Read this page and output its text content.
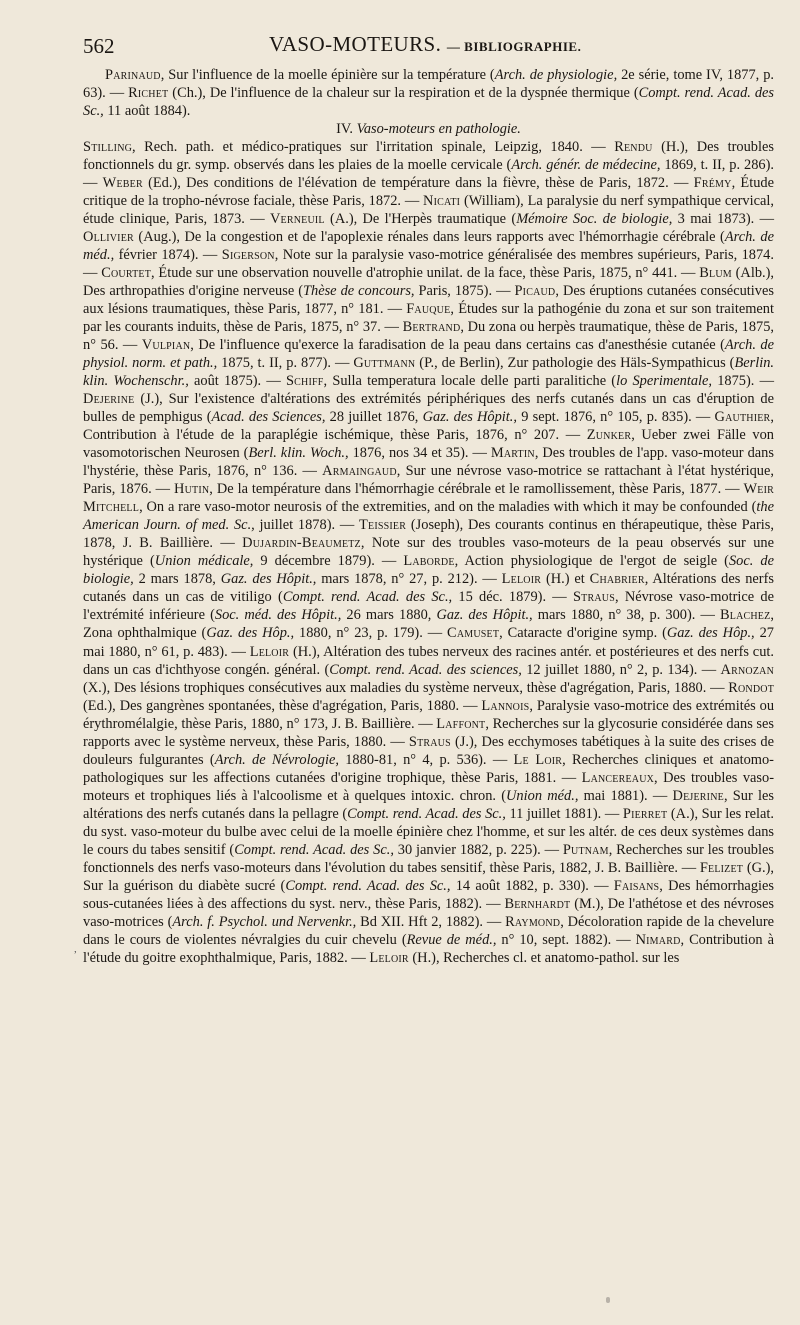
562	VASO-MOTEURS. — BIBLIOGRAPHIE.

Parinaud, Sur l'influence de la moelle épinière sur la température (Arch. de physiologie, 2e série, tome IV, 1877, p. 63). — Richet (Ch.), De l'influence de la chaleur sur la respiration et de la dyspnée thermique (Compt. rend. Acad. des Sc., 11 août 1884).

IV. Vaso-moteurs en pathologie.

Stilling, Rech. path. et médico-pratiques sur l'irritation spinale, Leipzig, 1840. — Rendu (H.), Des troubles fonctionnels du gr. symp. observés dans les plaies de la moelle cervicale (Arch. génér. de médecine, 1869, t. II, p. 286). — Weber (Ed.), Des conditions de l'élévation de température dans la fièvre, thèse de Paris, 1872. — Frémy, Étude critique de la tropho-névrose faciale, thèse Paris, 1872. — Nicati (William), La paralysie du nerf sympathique cervical, étude clinique, Paris, 1873. — Verneuil (A.), De l'Herpès traumatique (Mémoire Soc. de biologie, 3 mai 1873). — Ollivier (Aug.), De la congestion et de l'apoplexie rénales dans leurs rapports avec l'hémorrhagie cérébrale (Arch. de méd., février 1874). — Sigerson, Note sur la paralysie vaso-motrice généralisée des membres supérieurs, Paris, 1874. — Courtet, Étude sur une observation nouvelle d'atrophie unilat. de la face, thèse Paris, 1875, n° 441. — Blum (Alb.), Des arthropathies d'origine nerveuse (Thèse de concours, Paris, 1875). — Picaud, Des éruptions cutanées consécutives aux lésions traumatiques, thèse Paris, 1877, n° 181. — Fauque, Études sur la pathogénie du zona et sur son traitement par les courants induits, thèse de Paris, 1875, n° 37. — Bertrand, Du zona ou herpès traumatique, thèse de Paris, 1875, n° 56. — Vulpian, De l'influence qu'exerce la faradisation de la peau dans certains cas d'anesthésie cutanée (Arch. de physiol. norm. et path., 1875, t. II, p. 877). — Guttmann (P., de Berlin), Zur pathologie des Häls-Sympathicus (Berlin. klin. Wochenschr., août 1875). — Schiff, Sulla temperatura locale delle parti paralitiche (lo Sperimentale, 1875). — Dejerine (J.), Sur l'existence d'altérations des extrémités périphériques des nerfs cutanés dans un cas d'éruption de bulles de pemphigus (Acad. des Sciences, 28 juillet 1876, Gaz. des Hôpit., 9 sept. 1876, n° 105, p. 835). — Gauthier, Contribution à l'étude de la paraplégie ischémique, thèse Paris, 1876, n° 207. — Zunker, Ueber zwei Fälle von vasomotorischen Neurosen (Berl. klin. Woch., 1876, nos 34 et 35). — Martin, Des troubles de l'app. vaso-moteur dans l'hystérie, thèse Paris, 1876, n° 136. — Armaingaud, Sur une névrose vaso-motrice se rattachant à l'état hystérique, Paris, 1876. — Hutin, De la température dans l'hémorrhagie cérébrale et le ramollissement, thèse Paris, 1877. — Weir Mitchell, On a rare vaso-motor neurosis of the extremities, and on the maladies with which it may be confounded (the American Journ. of med. Sc., juillet 1878). — Teissier (Joseph), Des courants continus en thérapeutique, thèse Paris, 1878, J. B. Baillière. — Dujardin-Beaumetz, Note sur des troubles vaso-moteurs de la peau observés sur une hystérique (Union médicale, 9 décembre 1879). — Laborde, Action physiologique de l'ergot de seigle (Soc. de biologie, 2 mars 1878, Gaz. des Hôpit., mars 1878, n° 27, p. 212). — Leloir (H.) et Chabrier, Altérations des nerfs cutanés dans un cas de vitiligo (Compt. rend. Acad. des Sc., 15 déc. 1879). — Straus, Névrose vaso-motrice de l'extrémité inférieure (Soc. méd. des Hôpit., 26 mars 1880, Gaz. des Hôpit., mars 1880, n° 38, p. 300). — Blachez, Zona ophthalmique (Gaz. des Hôp., 1880, n° 23, p. 179). — Camuset, Cataracte d'origine symp. (Gaz. des Hôp., 27 mai 1880, n° 61, p. 483). — Leloir (H.), Altération des tubes nerveux des racines antér. et postérieures et des nerfs cut. dans un cas d'ichthyose congén. général. (Compt. rend. Acad. des sciences, 12 juillet 1880, n° 2, p. 134). — Arnozan (X.), Des lésions trophiques consécutives aux maladies du système nerveux, thèse d'agrégation, Paris, 1880. — Rondot (Ed.), Des gangrènes spontanées, thèse d'agrégation, Paris, 1880. — Lannois, Paralysie vaso-motrice des extrémités ou érythromélalgie, thèse Paris, 1880, n° 173, J. B. Baillière. — Laffont, Recherches sur la glycosurie considérée dans ses rapports avec le système nerveux, thèse Paris, 1880. — Straus (J.), Des ecchymoses tabétiques à la suite des crises de douleurs fulgurantes (Arch. de Névrologie, 1880-81, n° 4, p. 536). — Le Loir, Recherches cliniques et anatomo-pathologiques sur les affections cutanées d'origine trophique, thèse Paris, 1881. — Lancereaux, Des troubles vaso-moteurs et trophiques liés à l'alcoolisme et à quelques intoxic. chron. (Union méd., mai 1881). — Dejerine, Sur les altérations des nerfs cutanés dans la pellagre (Compt. rend. Acad. des Sc., 11 juillet 1881). — Pierret (A.), Sur les relat. du syst. vaso-moteur du bulbe avec celui de la moelle épinière chez l'homme, et sur les altér. de ces deux systèmes dans le cours du tabes sensitif (Compt. rend. Acad. des Sc., 30 janvier 1882, p. 225). — Putnam, Recherches sur les troubles fonctionnels des nerfs vaso-moteurs dans l'évolution du tabes sensitif, thèse Paris, 1882, J. B. Baillière. — Felizet (G.), Sur la guérison du diabète sucré (Compt. rend. Acad. des Sc., 14 août 1882, p. 330). — Faisans, Des hémorrhagies sous-cutanées liées à des affections du syst. nerv., thèse Paris, 1882). — Bernhardt (M.), De l'athétose et des névroses vaso-motrices (Arch. f. Psychol. und Nervenkr., Bd XII. Hft 2, 1882). — Raymond, Décoloration rapide de la chevelure dans le cours de violentes névralgies du cuir chevelu (Revue de méd., n° 10, sept. 1882). — Nimard, Contribution à l'étude du goitre exophthalmique, Paris, 1882. — Leloir (H.), Recherches cl. et anatomo-pathol. sur les

,
